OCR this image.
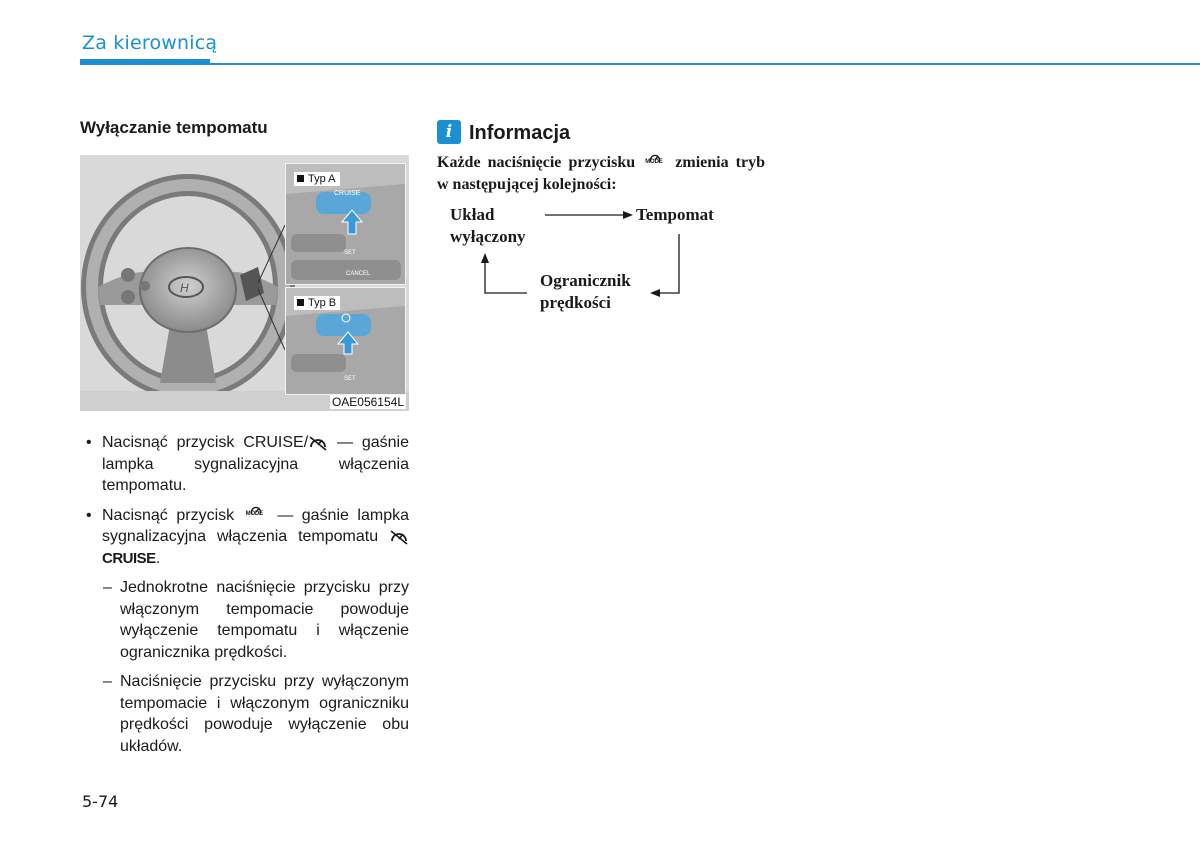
Za kierownicą
Wyłączanie tempomatu
H
CRUISE
SET
CANCEL
Typ A
SET
Typ B
OAE056154L
• Nacisnąć przycisk CRUISE/ — gaśnie lampka sygnalizacyjna włączenia tempomatu.
• Nacisnąć przycisk MODE — gaśnie lampka sygnalizacyjna włączenia tempomatu CRUISE.
– Jednokrotne naciśnięcie przycisku przy włączonym tempomacie powoduje wyłączenie tempomatu i włączenie ogranicznika prędkości.
– Naciśnięcie przycisku przy wyłączonym tempomacie i włączonym ograniczniku prędkości powoduje wyłączenie obu układów.
5-74
i Informacja
Każde naciśnięcie przycisku MODE zmienia tryb w następującej kolejności:
Układ
wyłączony
Tempomat
Ogranicznik
prędkości
